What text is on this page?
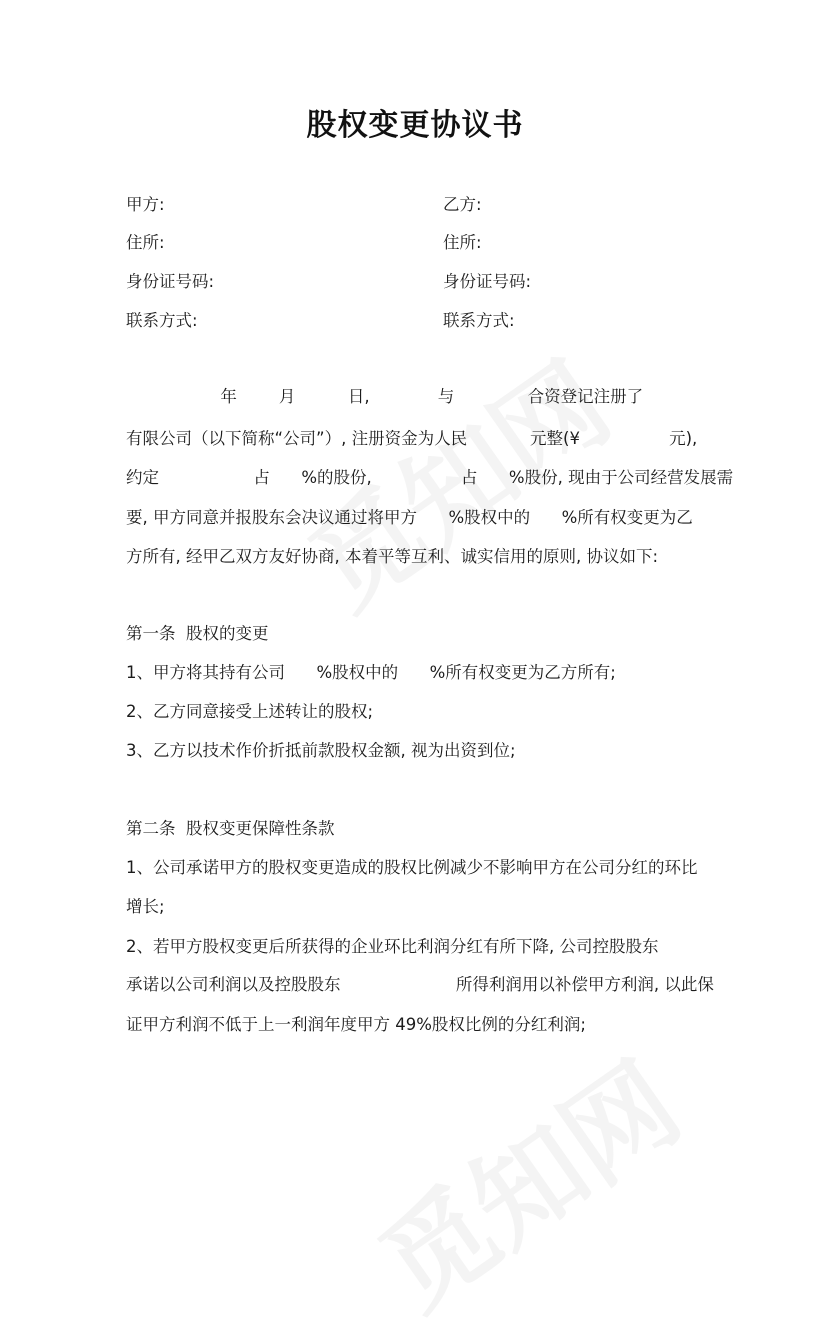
股权变更协议书
甲方:	乙方:
住所:	住所:
身份证号码:	身份证号码:
联系方式:	联系方式:
年        月          日,             与              合资登记注册了
有限公司（以下简称“公司”）, 注册资金为人民            元整(¥                 元),
约定                  占      %的股份,                 占      %股份, 现由于公司经营发展需
要, 甲方同意并报股东会决议通过将甲方      %股权中的      %所有权变更为乙
方所有, 经甲乙双方友好协商, 本着平等互利、诚实信用的原则, 协议如下:
第一条  股权的变更
1、甲方将其持有公司      %股权中的      %所有权变更为乙方所有;
2、乙方同意接受上述转让的股权;
3、乙方以技术作价折抵前款股权金额, 视为出资到位;
第二条  股权变更保障性条款
1、公司承诺甲方的股权变更造成的股权比例减少不影响甲方在公司分红的环比
增长;
2、若甲方股权变更后所获得的企业环比利润分红有所下降, 公司控股股东
承诺以公司利润以及控股股东                      所得利润用以补偿甲方利润, 以此保
证甲方利润不低于上一利润年度甲方 49%股权比例的分红利润;
